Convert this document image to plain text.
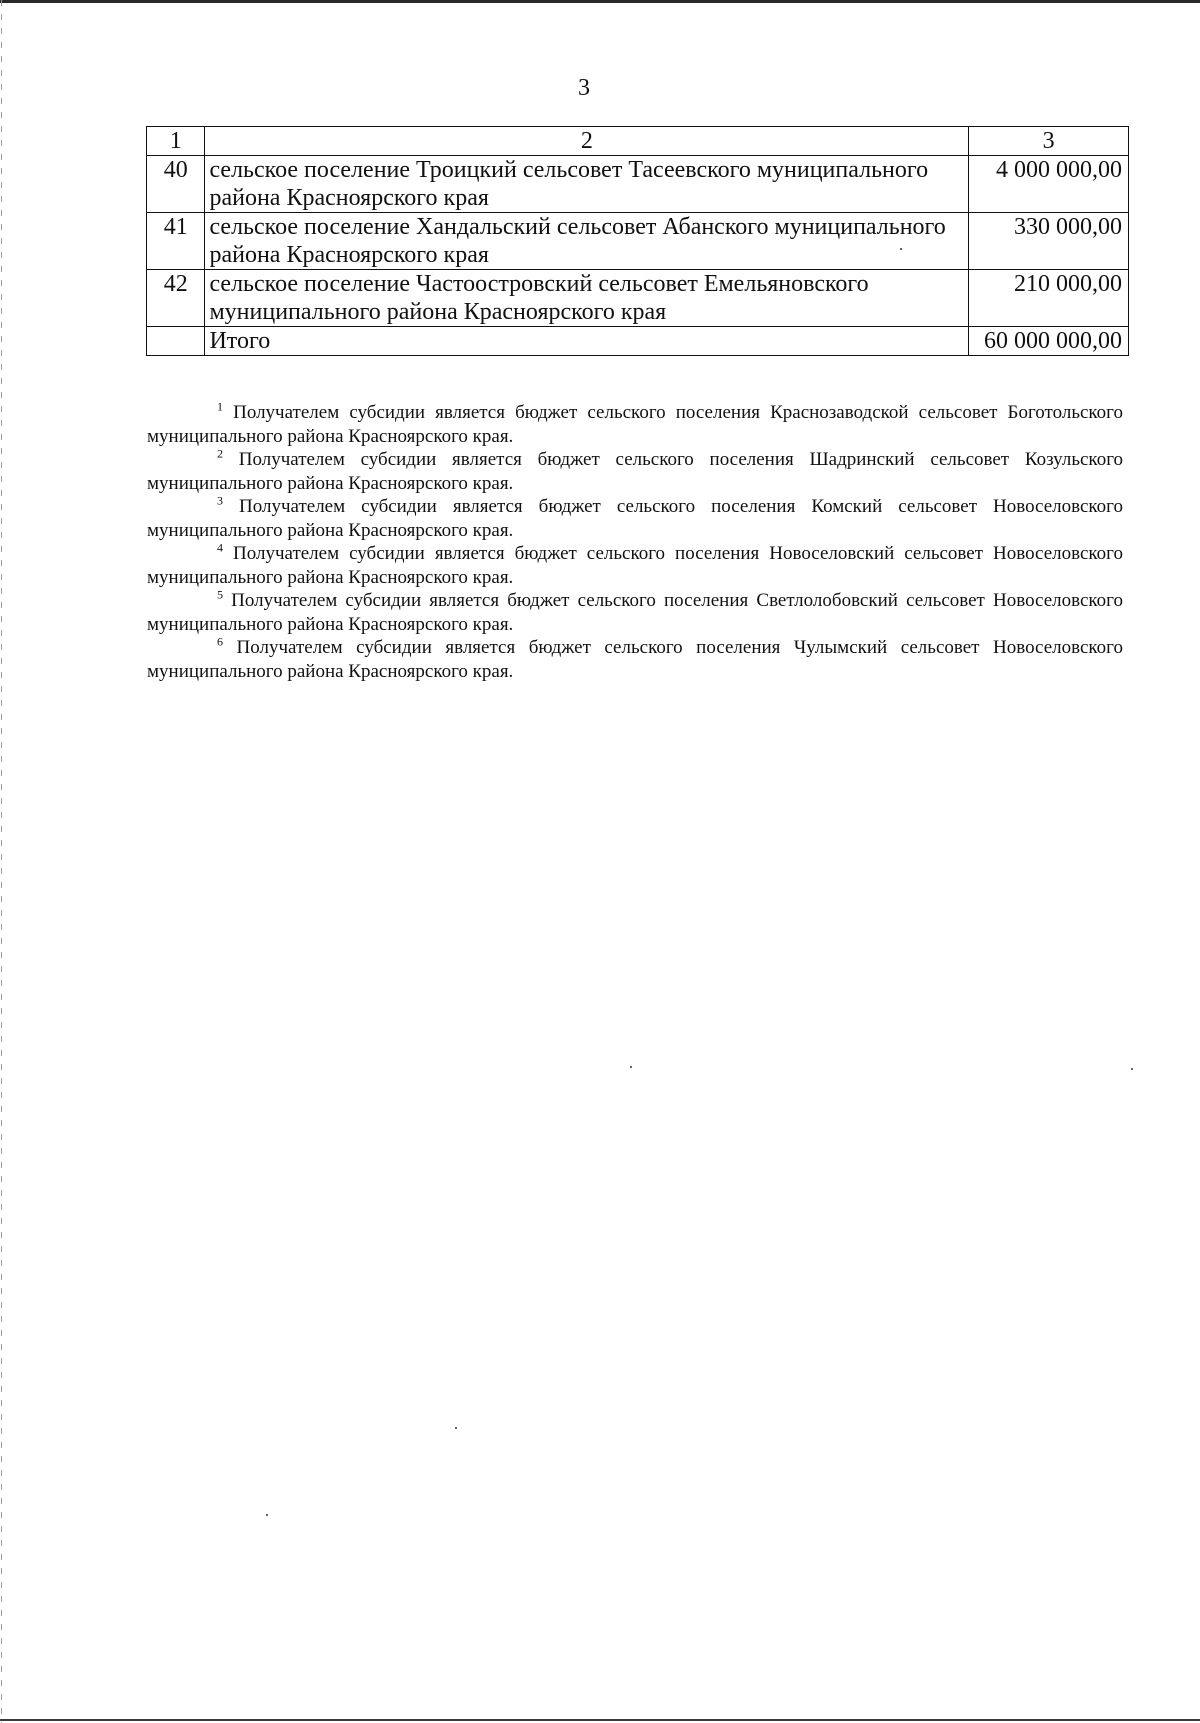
3
1	2	3
40	сельское поселение Троицкий сельсовет Тасеевского муниципального района Красноярского края	4 000 000,00
41	сельское поселение Хандальский сельсовет Абанского муниципального района Красноярского края	330 000,00
42	сельское поселение Частоостровский сельсовет Емельяновского муниципального района Красноярского края	210 000,00
	Итого	60 000 000,00

$^1$ Получателем субсидии является бюджет сельского поселения Краснозаводской сельсовет Боготольского муниципального района Красноярского края.

$^2$ Получателем субсидии является бюджет сельского поселения Шадринский сельсовет Козульского муниципального района Красноярского края.

$^3$ Получателем субсидии является бюджет сельского поселения Комский сельсовет Новоселовского муниципального района Красноярского края.

$^4$ Получателем субсидии является бюджет сельского поселения Новоселовский сельсовет Новоселовского муниципального района Красноярского края.

$^5$ Получателем субсидии является бюджет сельского поселения Светлолобовский сельсовет Новоселовского муниципального района Красноярского края.

$^6$ Получателем субсидии является бюджет сельского поселения Чулымский сельсовет Новоселовского муниципального района Красноярского края.
